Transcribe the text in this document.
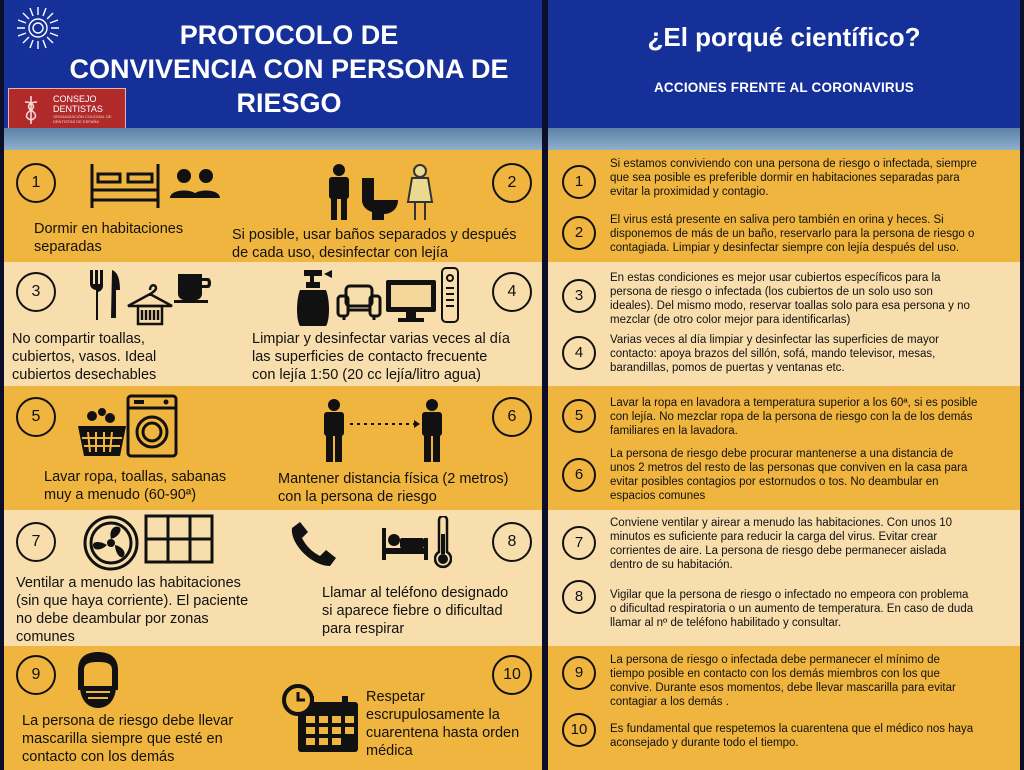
PROTOCOLO DE
CONVIVENCIA CON PERSONA DE
RIESGO
CONSEJO
DENTISTAS
ORGANIZACIÓN COLEGIAL DE DENTISTAS DE ESPAÑA
1	2
3	4
5	6
7	8
9	10
Dormir en habitaciones
separadas
Si posible, usar baños separados y después
de cada uso, desinfectar con lejía
No compartir toallas,
cubiertos, vasos. Ideal
cubiertos desechables
Limpiar y desinfectar varias veces al día
las superficies de contacto frecuente
con lejía 1:50 (20 cc lejía/litro agua)
Lavar ropa, toallas, sabanas
muy a menudo (60-90ª)
Mantener distancia física (2 metros)
con la persona de riesgo
Ventilar a menudo las habitaciones
(sin que haya corriente). El paciente
no debe deambular por zonas
comunes
Llamar al teléfono designado
si aparece fiebre o dificultad
para respirar
La persona de riesgo debe llevar
mascarilla siempre que esté en
contacto con los demás
Respetar
escrupulosamente la
cuarentena hasta orden
médica
¿El porqué científico?
ACCIONES FRENTE AL CORONAVIRUS
1
2
3
4
5
6
7
8
9
10
Si estamos conviviendo con una persona de riesgo o infectada, siempre
que sea posible es preferible dormir en habitaciones separadas para
evitar la proximidad y contagio.
El virus está presente en saliva pero también en orina y heces. Si
disponemos de más de un baño, reservarlo para la persona de riesgo o
contagiada. Limpiar y desinfectar siempre con lejía después del uso.
En estas condiciones es mejor usar cubiertos específicos para la
persona de riesgo o infectada (los cubiertos de un solo uso son
ideales). Del mismo modo, reservar toallas solo para esa persona y no
mezclar (de otro color mejor para identificarlas)
Varias veces al día limpiar y desinfectar las superficies de mayor
contacto: apoya brazos del sillón, sofá, mando televisor, mesas,
barandillas, pomos de puertas y ventanas etc.
Lavar la ropa en lavadora a temperatura superior a los 60ª, si es posible
con lejía. No mezclar ropa de la persona de riesgo con la de los demás
familiares en la lavadora.
La persona de riesgo debe procurar mantenerse a una distancia de
unos 2 metros del resto de las personas que conviven en la casa para
evitar posibles contagios por estornudos o tos. No deambular en
espacios comunes
Conviene ventilar y airear a menudo las habitaciones. Con unos 10
minutos es suficiente para reducir la carga del virus. Evitar crear
corrientes de aire. La persona de riesgo debe permanecer aislada
dentro de su habitación.
Vigilar que la persona de riesgo o infectado no empeora con problema
o dificultad respiratoria o un aumento de temperatura. En caso de duda
llamar al nº de teléfono habilitado y consultar.
La persona de riesgo o infectada debe permanecer el mínimo de
tiempo posible en contacto con los demás miembros con los que
convive. Durante esos momentos, debe llevar mascarilla para evitar
contagiar a los demás .
Es fundamental que respetemos la cuarentena que el médico nos haya
aconsejado y durante todo el tiempo.
